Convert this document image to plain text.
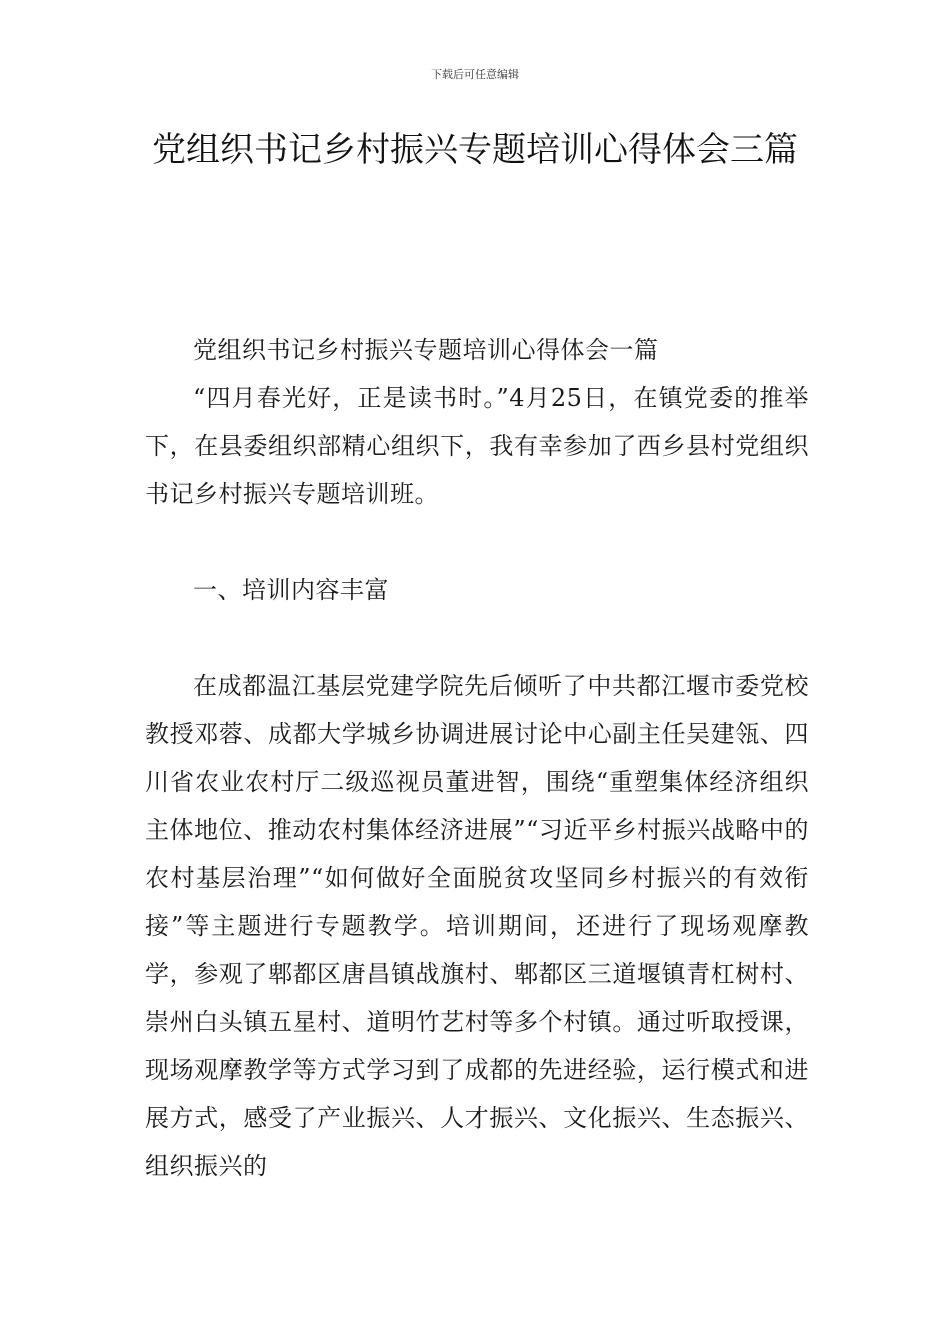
下载后可任意编辑
党组织书记乡村振兴专题培训心得体会三篇

党组织书记乡村振兴专题培训心得体会一篇

“四月春光好，正是读书时。”4月25日，在镇党委的推举下，在县委组织部精心组织下，我有幸参加了西乡县村党组织书记乡村振兴专题培训班。

一、培训内容丰富

在成都温江基层党建学院先后倾听了中共都江堰市委党校教授邓蓉、成都大学城乡协调进展讨论中心副主任吴建瓴、四川省农业农村厅二级巡视员董进智，围绕“重塑集体经济组织主体地位、推动农村集体经济进展”“习近平乡村振兴战略中的农村基层治理”“如何做好全面脱贫攻坚同乡村振兴的有效衔接”等主题进行专题教学。培训期间，还进行了现场观摩教学，参观了郫都区唐昌镇战旗村、郫都区三道堰镇青杠树村、崇州白头镇五星村、道明竹艺村等多个村镇。通过听取授课，现场观摩教学等方式学习到了成都的先进经验，运行模式和进展方式，感受了产业振兴、人才振兴、文化振兴、生态振兴、组织振兴的
